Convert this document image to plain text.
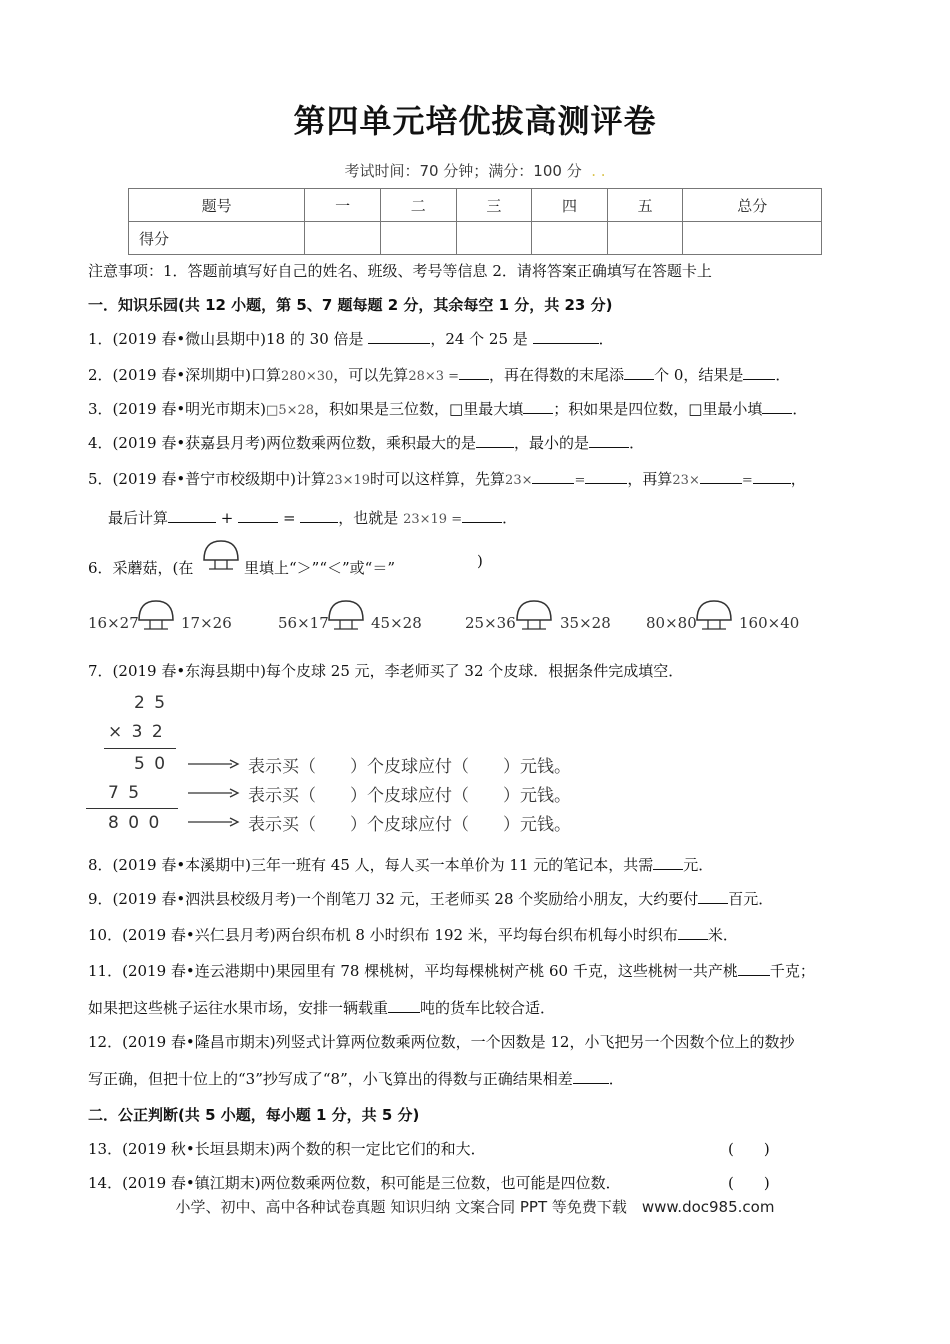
第四单元培优拔高测评卷
考试时间：70 分钟；满分：100 分  . .
题号	一	二	三	四	五	总分
得分						
注意事项：1．答题前填写好自己的姓名、班级、考号等信息 2．请将答案正确填写在答题卡上
一．知识乐园(共 12 小题，第 5、7 题每题 2 分，其余每空 1 分，共 23 分)
1．(2019 春•微山县期中)18 的 30 倍是	，24 个 25 是	．
2．(2019 春•深圳期中)口算280×30，可以先算28×3 = ，再在得数的末尾添 个 0，结果是 ．
3．(2019 春•明光市期末)□5×28，积如果是三位数，□里最大填 ；积如果是四位数，□里最小填 ．
4．(2019 春•获嘉县月考)两位数乘两位数，乘积最大的是	，最小的是	．
5．(2019 春•普宁市校级期中)计算23×19时可以这样算，先算23×	=	，再算23×	=	，
最后计算	+	=	，也就是 23×19 =	．
6．采蘑菇，(在	里填上“＞”“＜”或“＝”	)
16×27	17×26	56×17	45×28	25×36	35×28 80×80	160×40
7．(2019 春•东海县期中)每个皮球 25 元，李老师买了 32 个皮球．根据条件完成填空．
2 5
× 3 2
5 0
7 5
8 0 0
表示买（　　）个皮球应付（　　）元钱。
表示买（　　）个皮球应付（　　）元钱。
表示买（　　）个皮球应付（　　）元钱。
8．(2019 春•本溪期中)三年一班有 45 人，每人买一本单价为 11 元的笔记本，共需 元．
9．(2019 春•泗洪县校级月考)一个削笔刀 32 元，王老师买 28 个奖励给小朋友，大约要付 百元．
10．(2019 春•兴仁县月考)两台织布机 8 小时织布 192 米，平均每台织布机每小时织布 米．
11．(2019 春•连云港期中)果园里有 78 棵桃树，平均每棵桃树产桃 60 千克，这些桃树一共产桃 千克；
如果把这些桃子运往水果市场，安排一辆载重 吨的货车比较合适．
12．(2019 春•隆昌市期末)列竖式计算两位数乘两位数，一个因数是 12，小飞把另一个因数个位上的数抄
写正确，但把十位上的“3”抄写成了“8”，小飞算出的得数与正确结果相差 ．
二．公正判断(共 5 小题，每小题 1 分，共 5 分)
13．(2019 秋•长垣县期末)两个数的积一定比它们的和大．	(　　)
14．(2019 春•镇江期末)两位数乘两位数，积可能是三位数，也可能是四位数．	(　　)
小学、初中、高中各种试卷真题 知识归纳 文案合同 PPT 等免费下载　www.doc985.com
